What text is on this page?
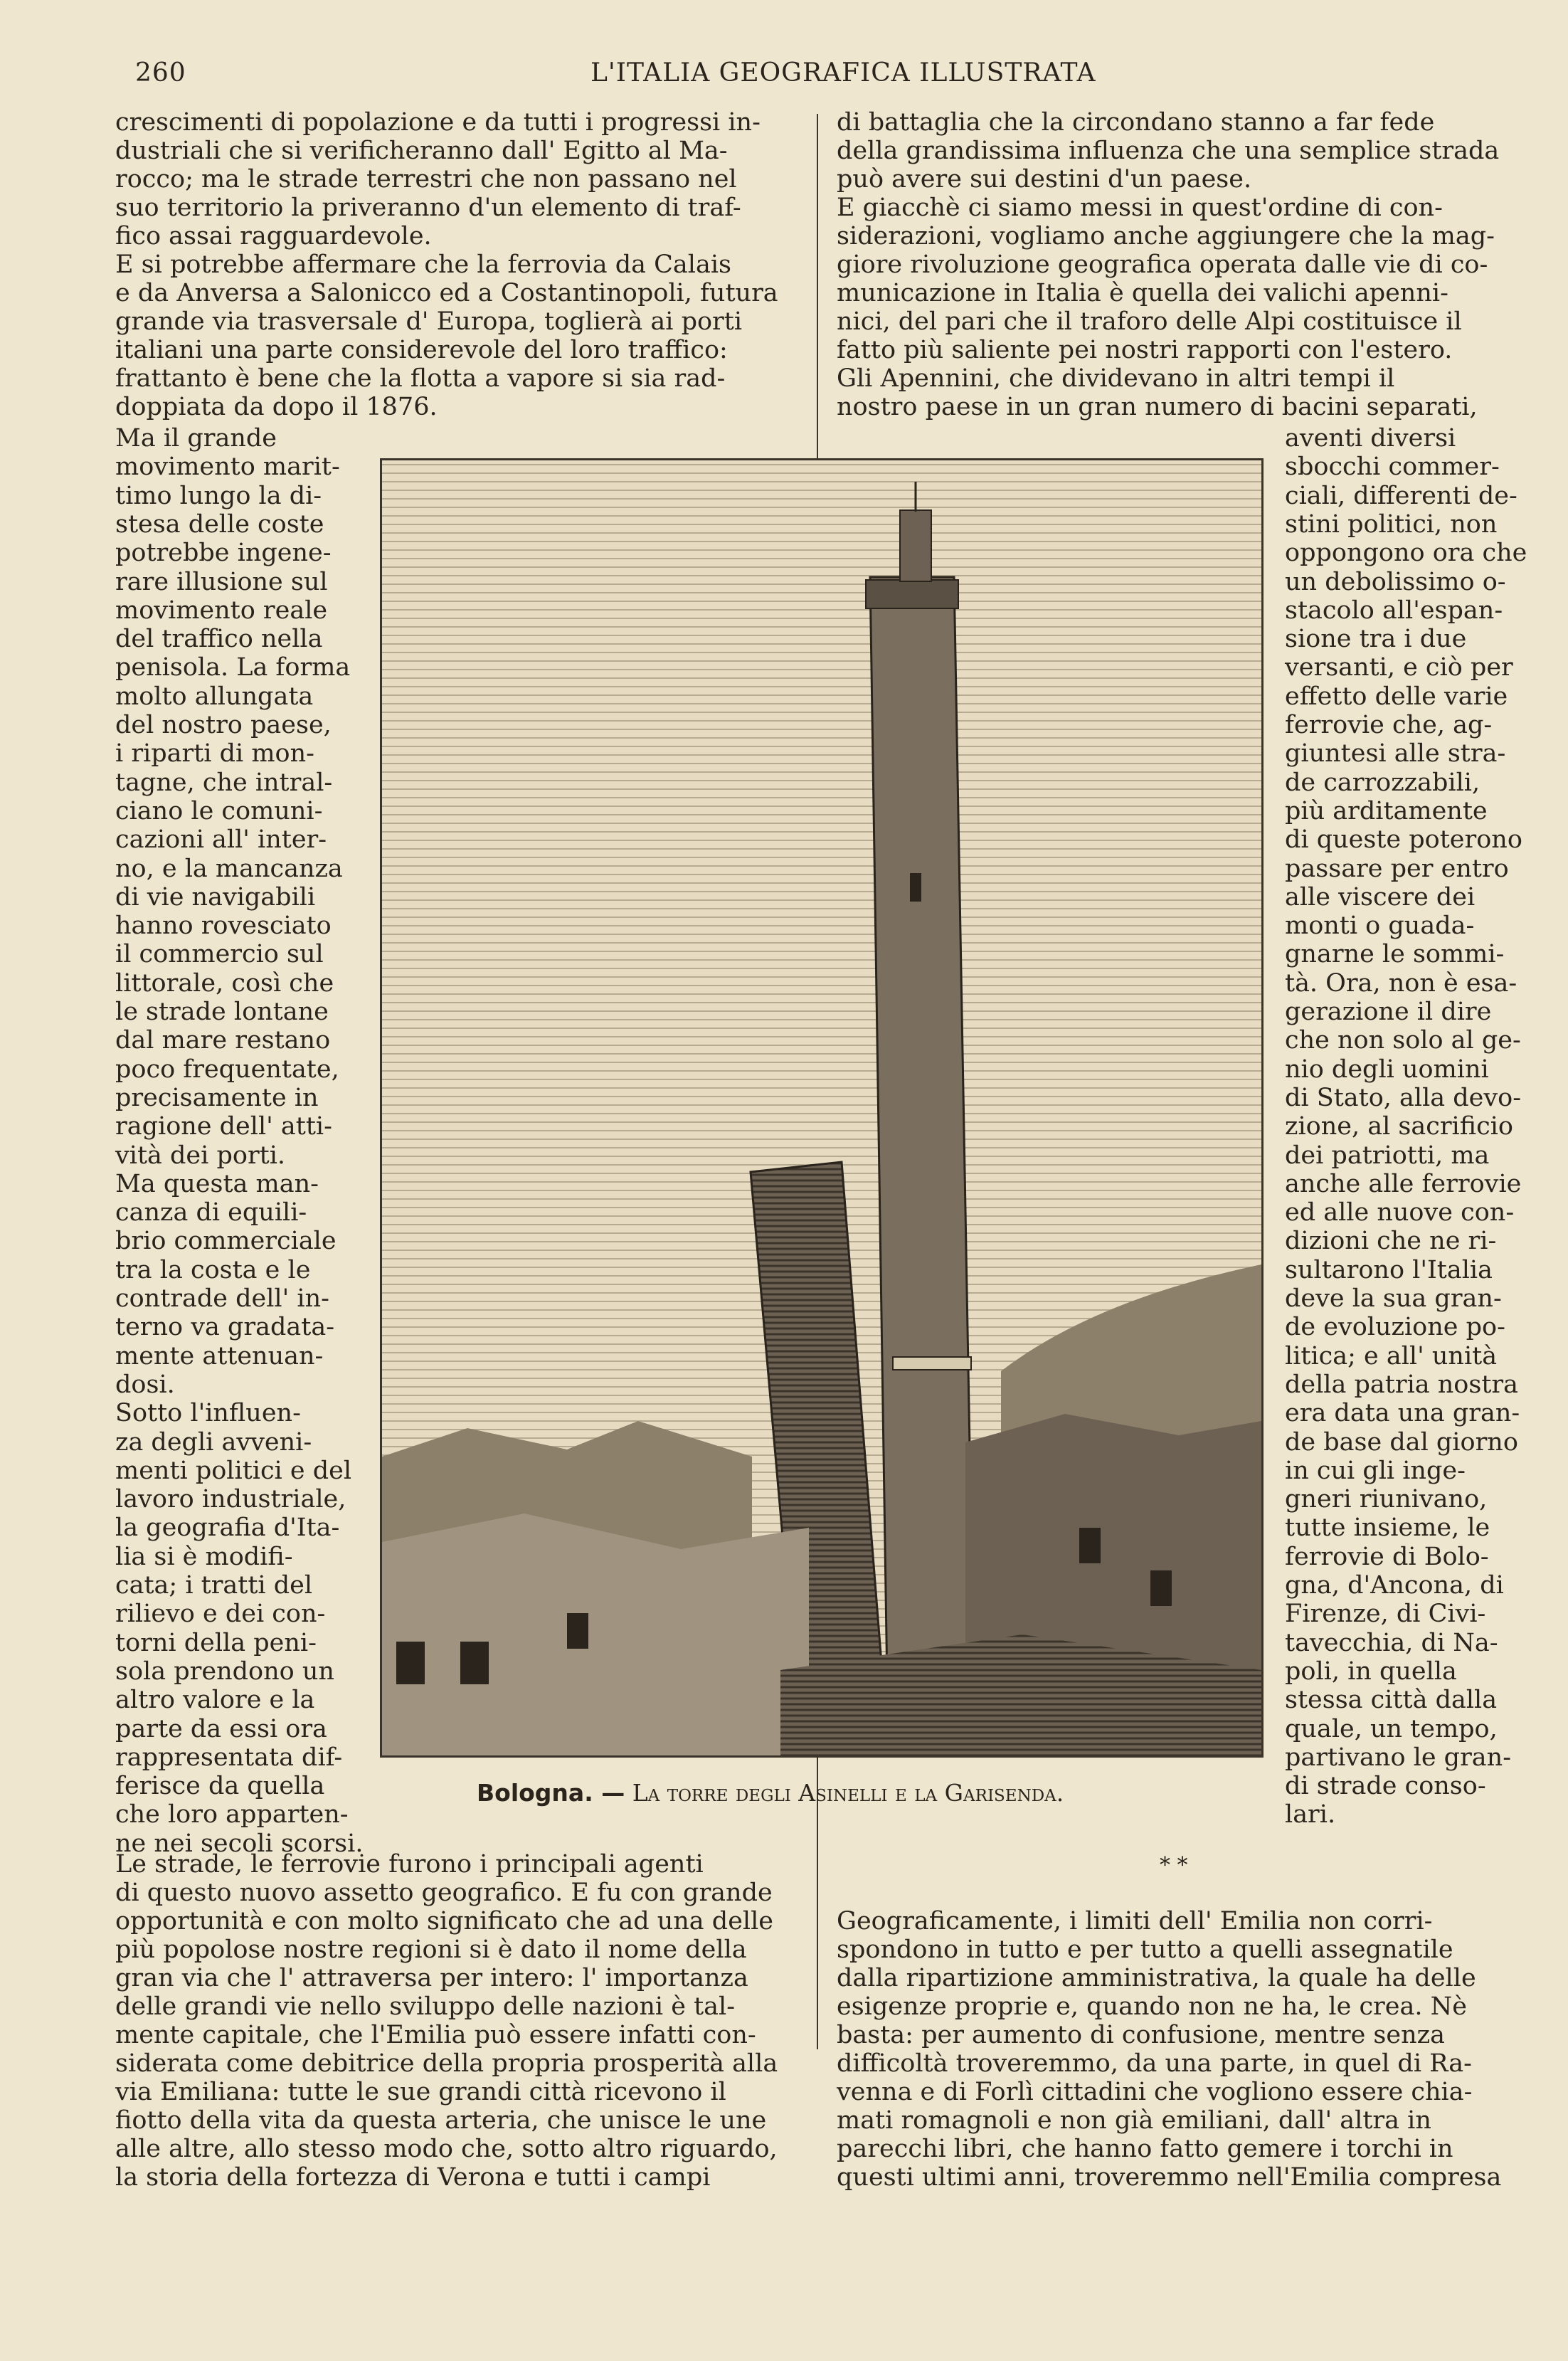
260	L'ITALIA GEOGRAFICA ILLUSTRATA
crescimenti di popolazione e da tutti i progressi in-
dustriali che si verificheranno dall' Egitto al Ma-
rocco; ma le strade terrestri che non passano nel
suo territorio la priveranno d'un elemento di traf-
fico assai ragguardevole.
E si potrebbe affermare che la ferrovia da Calais
e da Anversa a Salonicco ed a Costantinopoli, futura
grande via trasversale d' Europa, toglierà ai porti
italiani una parte considerevole del loro traffico:
frattanto è bene che la flotta a vapore si sia rad-
doppiata da dopo il 1876.
Ma il grande
movimento marit-
timo lungo la di-
stesa delle coste
potrebbe ingene-
rare illusione sul
movimento reale
del traffico nella
penisola. La forma
molto allungata
del nostro paese,
i riparti di mon-
tagne, che intral-
ciano le comuni-
cazioni all' inter-
no, e la mancanza
di vie navigabili
hanno rovesciato
il commercio sul
littorale, così che
le strade lontane
dal mare restano
poco frequentate,
precisamente in
ragione dell' atti-
vità dei porti.
Ma questa man-
canza di equili-
brio commerciale
tra la costa e le
contrade dell' in-
terno va gradata-
mente attenuan-
dosi.
Sotto l'influen-
za degli avveni-
menti politici e del
lavoro industriale,
la geografia d'Ita-
lia si è modifi-
cata; i tratti del
rilievo e dei con-
torni della peni-
sola prendono un
altro valore e la
parte da essi ora
rappresentata dif-
ferisce da quella
che loro apparten-
ne nei secoli scorsi.
Le strade, le ferrovie furono i principali agenti
di questo nuovo assetto geografico. E fu con grande
opportunità e con molto significato che ad una delle
più popolose nostre regioni si è dato il nome della
gran via che l' attraversa per intero: l' importanza
delle grandi vie nello sviluppo delle nazioni è tal-
mente capitale, che l'Emilia può essere infatti con-
siderata come debitrice della propria prosperità alla
via Emiliana: tutte le sue grandi città ricevono il
fiotto della vita da questa arteria, che unisce le une
alle altre, allo stesso modo che, sotto altro riguardo,
la storia della fortezza di Verona e tutti i campi
di battaglia che la circondano stanno a far fede
della grandissima influenza che una semplice strada
può avere sui destini d'un paese.
E giacchè ci siamo messi in quest'ordine di con-
siderazioni, vogliamo anche aggiungere che la mag-
giore rivoluzione geografica operata dalle vie di co-
municazione in Italia è quella dei valichi apenni-
nici, del pari che il traforo delle Alpi costituisce il
fatto più saliente pei nostri rapporti con l'estero.
Gli Apennini, che dividevano in altri tempi il
nostro paese in un gran numero di bacini separati,
aventi diversi
sbocchi commer-
ciali, differenti de-
stini politici, non
oppongono ora che
un debolissimo o-
stacolo all'espan-
sione tra i due
versanti, e ciò per
effetto delle varie
ferrovie che, ag-
giuntesi alle stra-
de carrozzabili,
più arditamente
di queste poterono
passare per entro
alle viscere dei
monti o guada-
gnarne le sommi-
tà. Ora, non è esa-
gerazione il dire
che non solo al ge-
nio degli uomini
di Stato, alla devo-
zione, al sacrificio
dei patriotti, ma
anche alle ferrovie
ed alle nuove con-
dizioni che ne ri-
sultarono l'Italia
deve la sua gran-
de evoluzione po-
litica; e all' unità
della patria nostra
era data una gran-
de base dal giorno
in cui gli inge-
gneri riunivano,
tutte insieme, le
ferrovie di Bolo-
gna, d'Ancona, di
Firenze, di Civi-
tavecchia, di Na-
poli, in quella
stessa città dalla
quale, un tempo,
partivano le gran-
di strade conso-
lari.
Geograficamente, i limiti dell' Emilia non corri-
spondono in tutto e per tutto a quelli assegnatile
dalla ripartizione amministrativa, la quale ha delle
esigenze proprie e, quando non ne ha, le crea. Nè
basta: per aumento di confusione, mentre senza
difficoltà troveremmo, da una parte, in quel di Ra-
venna e di Forlì cittadini che vogliono essere chia-
mati romagnoli e non già emiliani, dall' altra in
parecchi libri, che hanno fatto gemere i torchi in
questi ultimi anni, troveremmo nell'Emilia compresa
Bologna. — La torre degli Asinelli e la Garisenda.
* *
